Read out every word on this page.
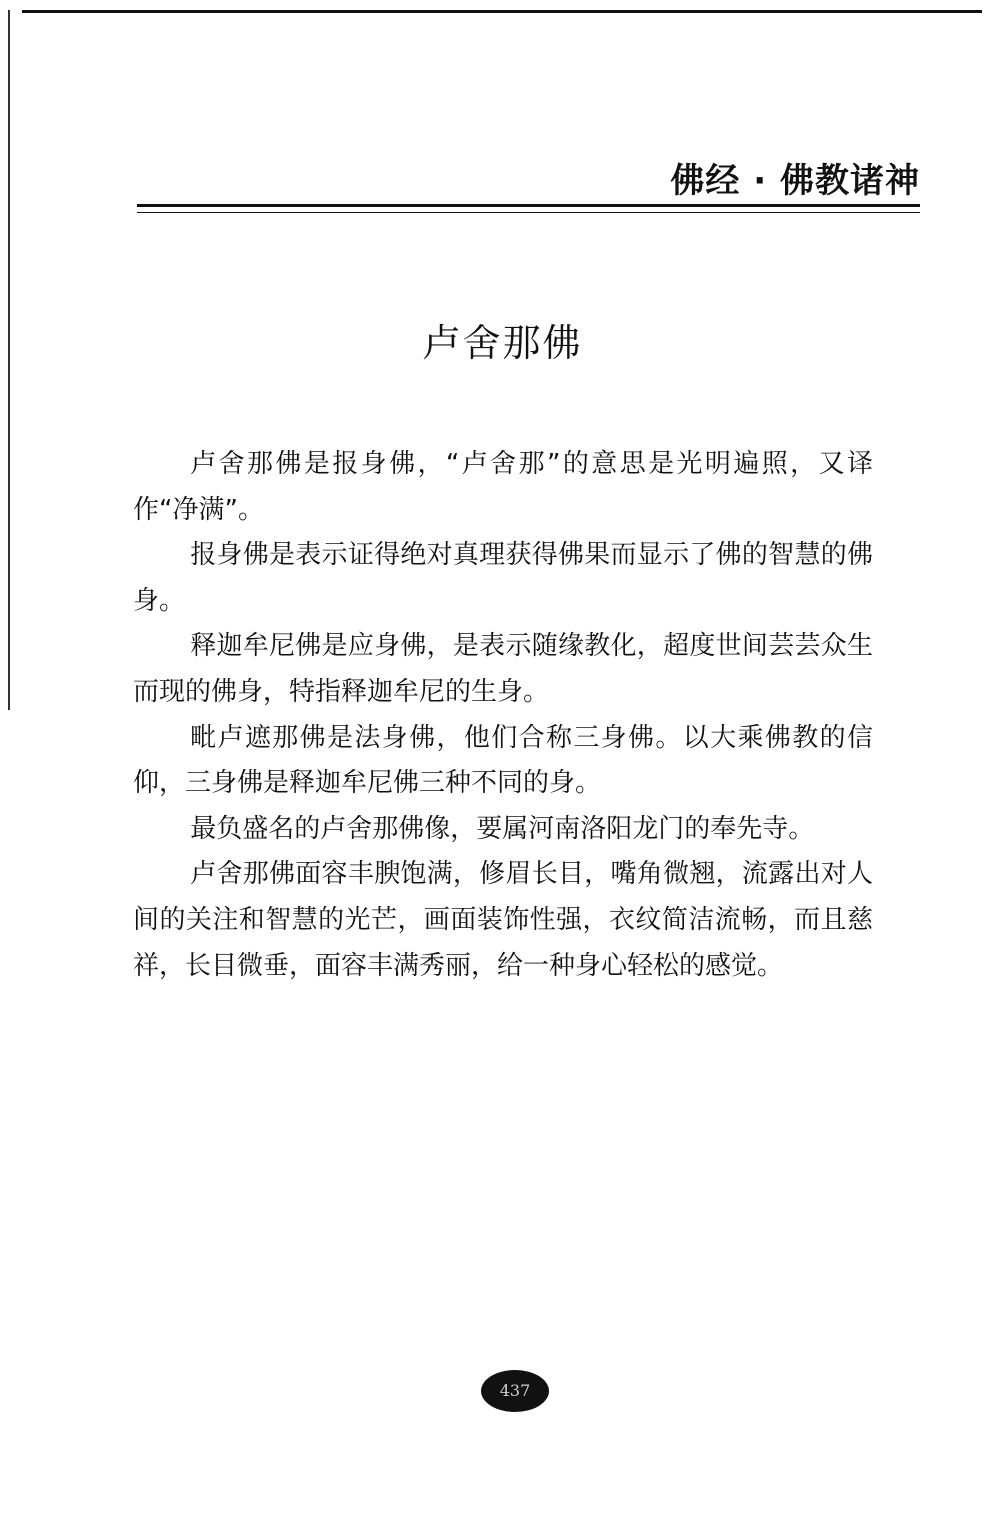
佛经 · 佛教诸神
卢舍那佛

卢舍那佛是报身佛，“卢舍那”的意思是光明遍照，又译作“净满”。

报身佛是表示证得绝对真理获得佛果而显示了佛的智慧的佛身。

释迦牟尼佛是应身佛，是表示随缘教化，超度世间芸芸众生而现的佛身，特指释迦牟尼的生身。

毗卢遮那佛是法身佛，他们合称三身佛。以大乘佛教的信仰，三身佛是释迦牟尼佛三种不同的身。

最负盛名的卢舍那佛像，要属河南洛阳龙门的奉先寺。

卢舍那佛面容丰腴饱满，修眉长目，嘴角微翘，流露出对人间的关注和智慧的光芒，画面装饰性强，衣纹简洁流畅，而且慈祥，长目微垂，面容丰满秀丽，给一种身心轻松的感觉。

437
